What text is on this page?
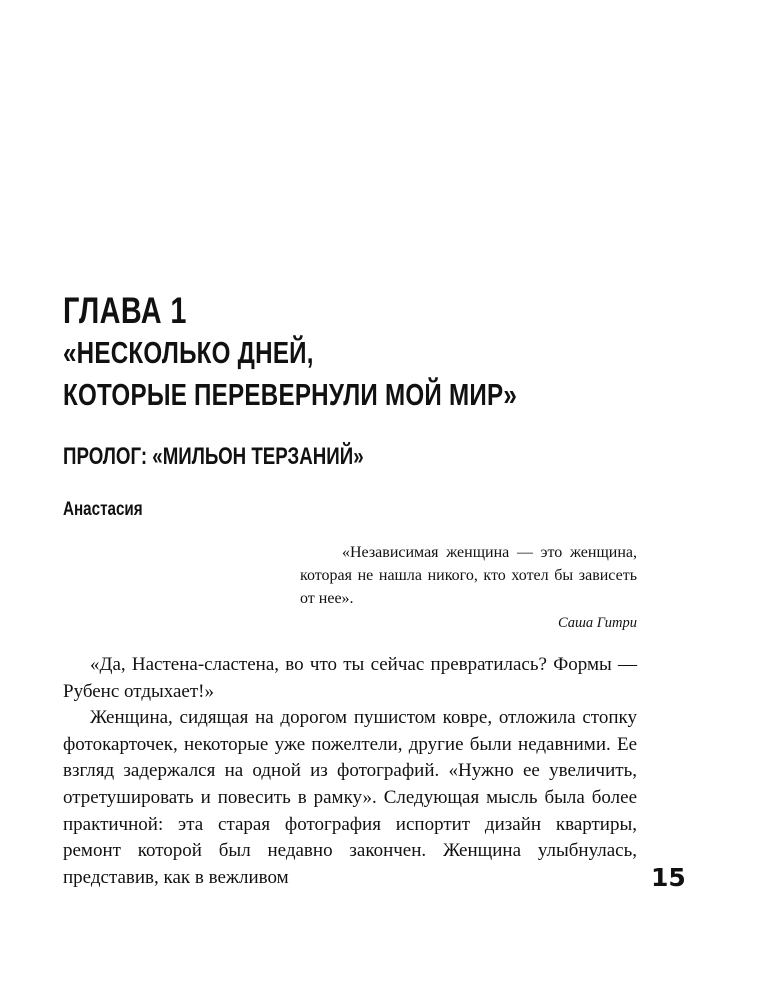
ГЛАВА 1
«НЕСКОЛЬКО ДНЕЙ,
КОТОРЫЕ ПЕРЕВЕРНУЛИ МОЙ МИР»
ПРОЛОГ: «МИЛЬОН ТЕРЗАНИЙ»
Анастасия

«Независимая женщина — это женщина, которая не нашла никого, кто хотел бы зависеть от нее».

Саша Гитри

«Да, Настена-сластена, во что ты сейчас превратилась? Формы — Рубенс отдыхает!»

Женщина, сидящая на дорогом пушистом ковре, отложила стопку фотокарточек, некоторые уже пожелтели, другие были недавними. Ее взгляд задержался на одной из фотографий. «Нужно ее увеличить, отретушировать и повесить в рамку». Следующая мысль была более практичной: эта старая фотография испортит дизайн квартиры, ремонт которой был недавно закончен. Женщина улыбнулась, представив, как в вежливом	15
